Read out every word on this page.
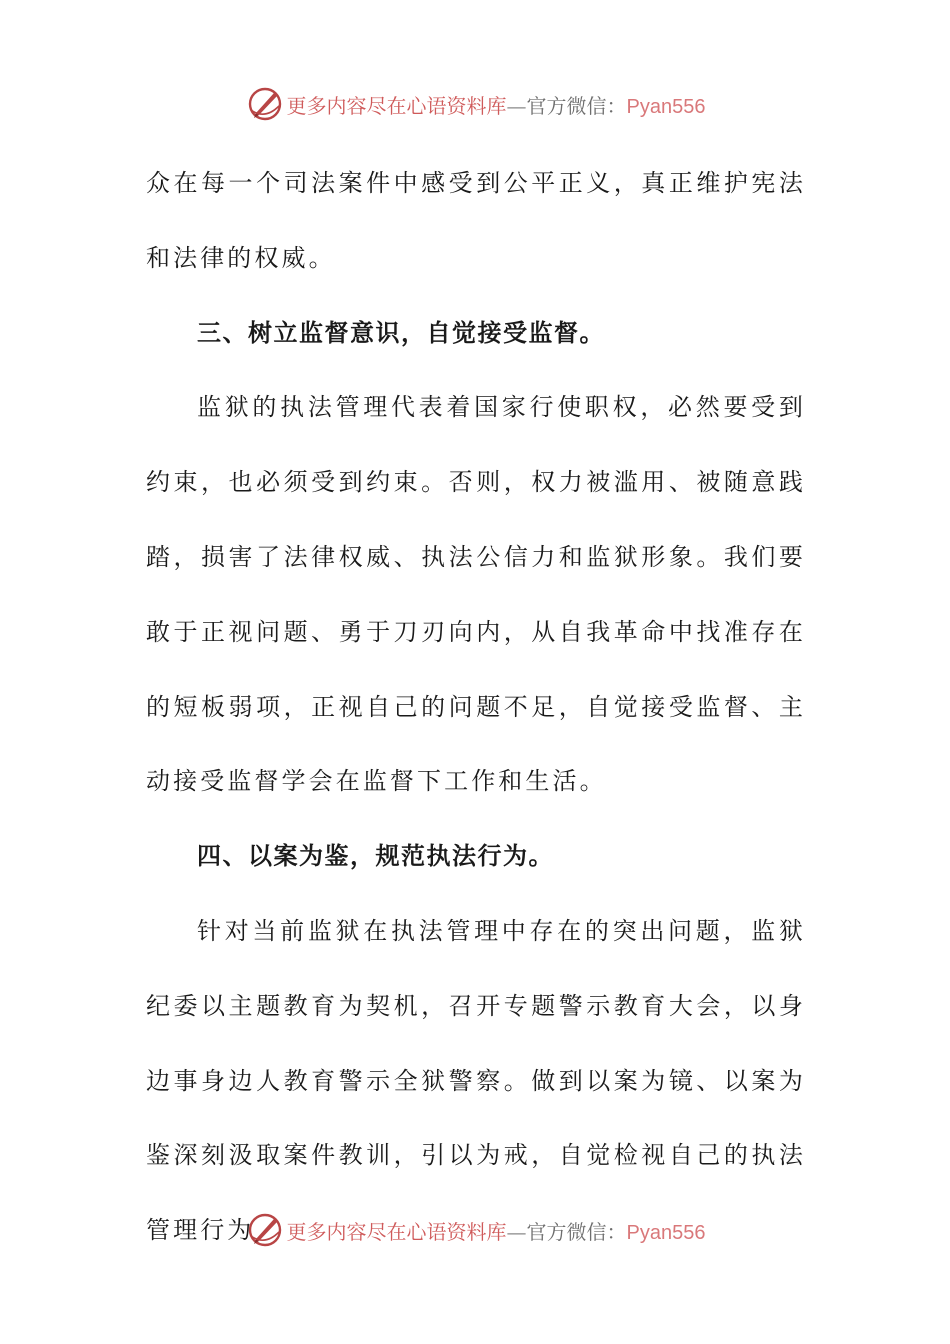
更多内容尽在心语资料库—官方微信：Pyan556

众在每一个司法案件中感受到公平正义，真正维护宪法和法律的权威。

三、树立监督意识，自觉接受监督。

监狱的执法管理代表着国家行使职权，必然要受到约束，也必须受到约束。否则，权力被滥用、被随意践踏，损害了法律权威、执法公信力和监狱形象。我们要敢于正视问题、勇于刀刃向内，从自我革命中找准存在的短板弱项，正视自己的问题不足，自觉接受监督、主动接受监督学会在监督下工作和生活。

四、以案为鉴，规范执法行为。

针对当前监狱在执法管理中存在的突出问题，监狱纪委以主题教育为契机，召开专题警示教育大会，以身边事身边人教育警示全狱警察。做到以案为镜、以案为鉴深刻汲取案件教训，引以为戒，自觉检视自己的执法管理行为	更多内容尽在心语资料库—官方微信：Pyan556
